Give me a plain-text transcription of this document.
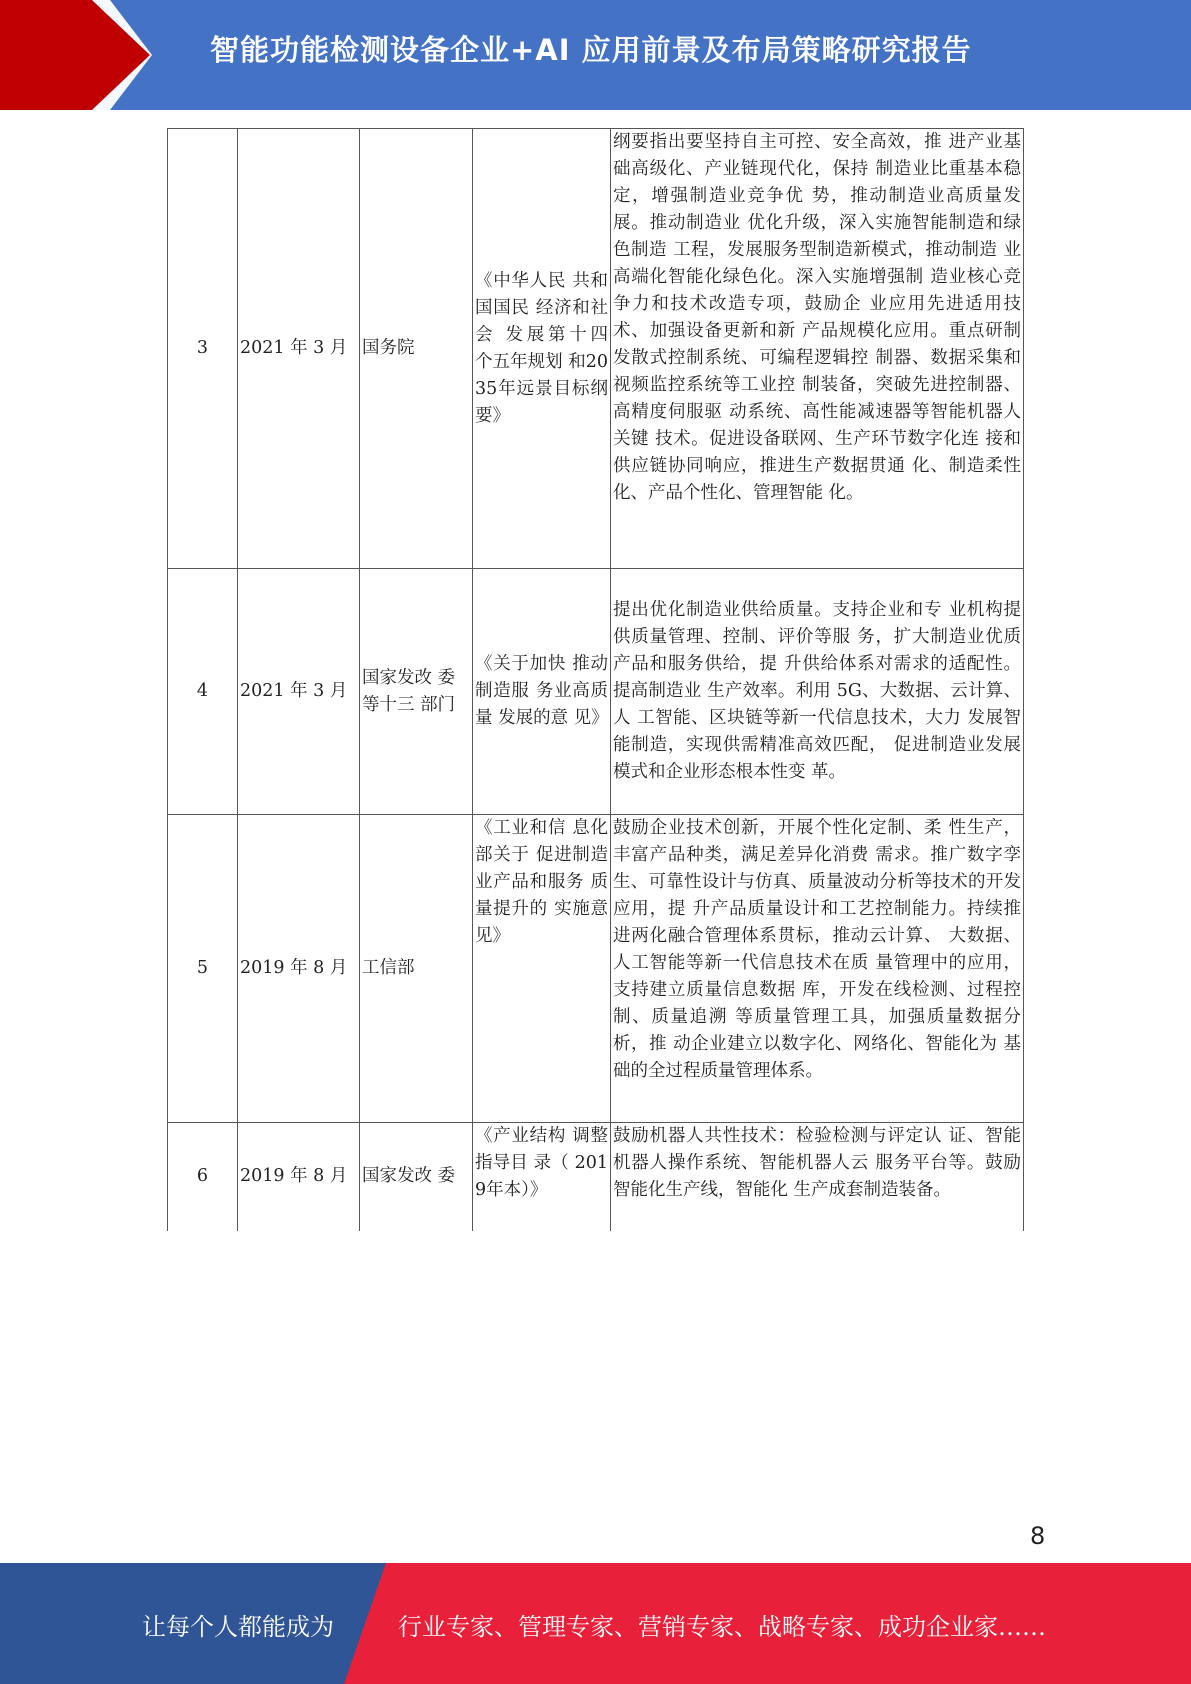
智能功能检测设备企业+AI 应用前景及布局策略研究报告
3	2021 年 3 月	国务院	《中华人民 共和国国民 经济和社会 发展第十四 个五年规划 和2035年远景目标纲 要》	纲要指出要坚持自主可控、安全高效，推 进产业基础高级化、产业链现代化，保持 制造业比重基本稳定，增强制造业竞争优 势，推动制造业高质量发展。推动制造业 优化升级，深入实施智能制造和绿色制造 工程，发展服务型制造新模式，推动制造 业高端化智能化绿色化。深入实施增强制 造业核心竞争力和技术改造专项，鼓励企 业应用先进适用技术、加强设备更新和新 产品规模化应用。重点研制发散式控制系统、可编程逻辑控 制器、数据采集和视频监控系统等工业控 制装备，突破先进控制器、高精度伺服驱 动系统、高性能减速器等智能机器人关键 技术。促进设备联网、生产环节数字化连 接和供应链协同响应，推进生产数据贯通 化、制造柔性化、产品个性化、管理智能 化。
4	2021 年 3 月	国家发改 委等十三 部门	《关于加快 推动制造服 务业高质量 发展的意 见》	提出优化制造业供给质量。支持企业和专 业机构提供质量管理、控制、评价等服 务，扩大制造业优质产品和服务供给，提 升供给体系对需求的适配性。提高制造业 生产效率。利用 5G、大数据、云计算、人 工智能、区块链等新一代信息技术，大力 发展智能制造，实现供需精准高效匹配， 促进制造业发展模式和企业形态根本性变 革。
5	2019 年 8 月	工信部	《工业和信 息化部关于 促进制造业产品和服务 质量提升的 实施意见》	鼓励企业技术创新，开展个性化定制、柔 性生产，丰富产品种类，满足差异化消费 需求。推广数字孪生、可靠性设计与仿真、质量波动分析等技术的开发应用，提 升产品质量设计和工艺控制能力。持续推 进两化融合管理体系贯标，推动云计算、 大数据、人工智能等新一代信息技术在质 量管理中的应用，支持建立质量信息数据 库，开发在线检测、过程控制、质量追溯 等质量管理工具，加强质量数据分析，推 动企业建立以数字化、网络化、智能化为 基础的全过程质量管理体系。
6	2019 年 8 月	国家发改 委	《产业结构 调整指导目 录（ 2019年本）》	鼓励机器人共性技术：检验检测与评定认 证、智能机器人操作系统、智能机器人云 服务平台等。鼓励智能化生产线，智能化 生产成套制造装备。
8
让每个人都能成为	行业专家、管理专家、营销专家、战略专家、成功企业家……
